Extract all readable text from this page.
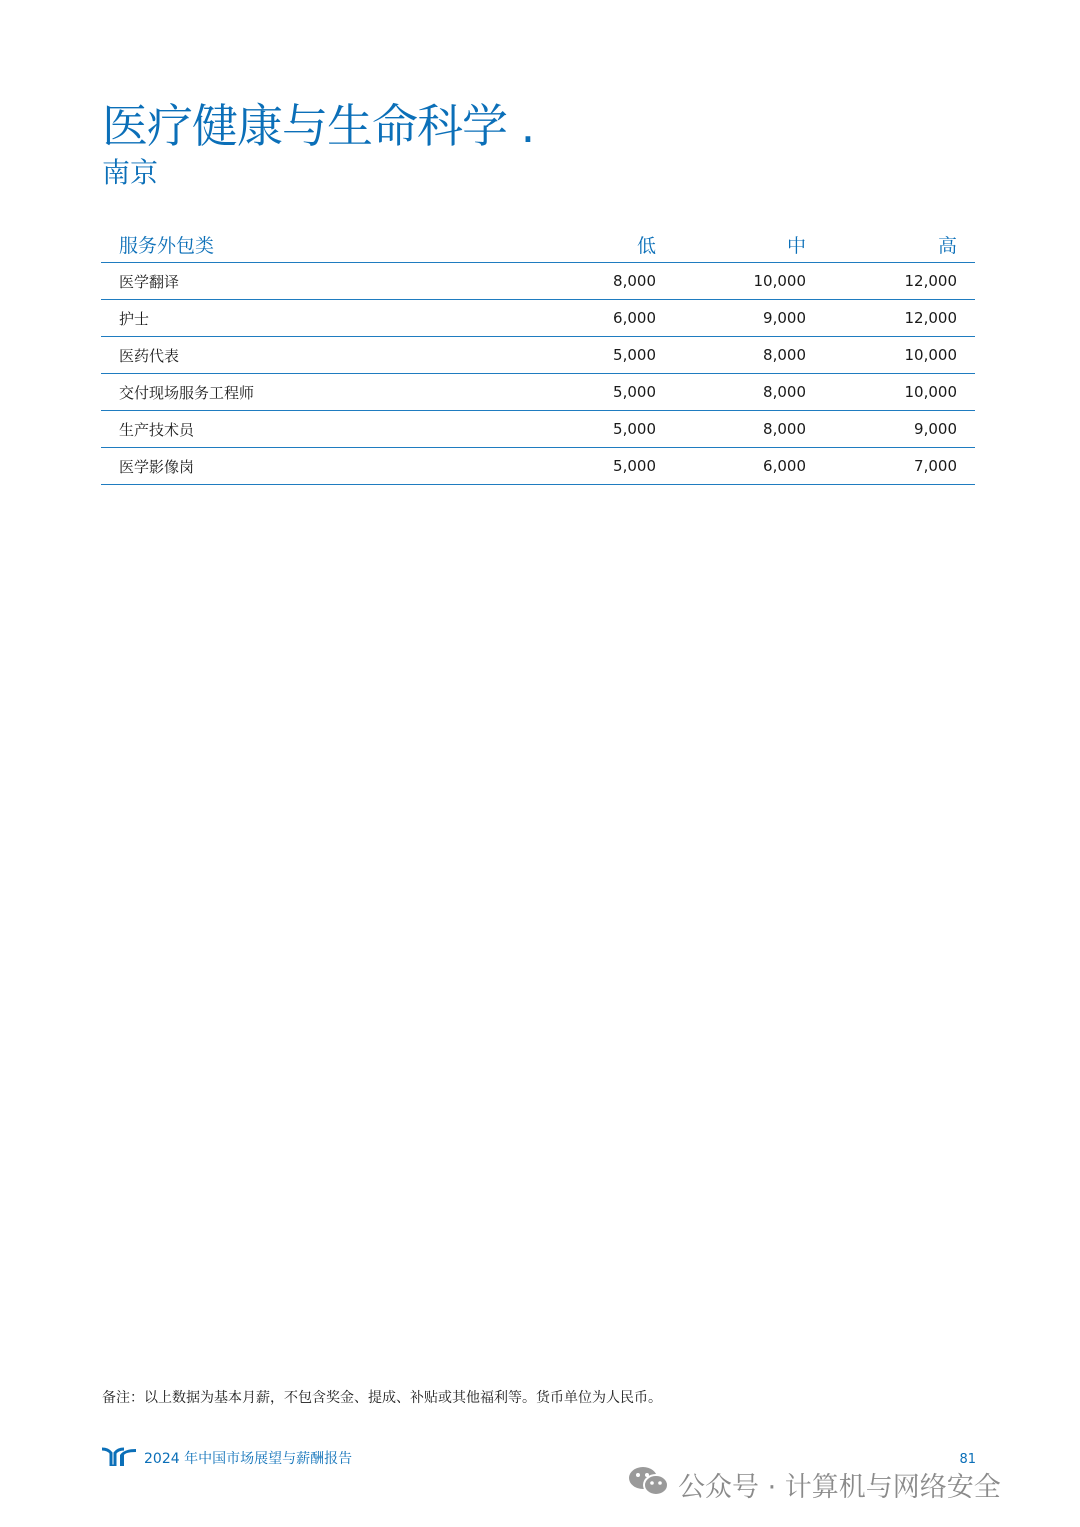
医疗健康与生命科学 .
南京
服务外包类	低	中	高
医学翻译	8,000	10,000	12,000
护士	6,000	9,000	12,000
医药代表	5,000	8,000	10,000
交付现场服务工程师	5,000	8,000	10,000
生产技术员	5,000	8,000	9,000
医学影像岗	5,000	6,000	7,000
备注：以上数据为基本月薪，不包含奖金、提成、补贴或其他福利等。货币单位为人民币。
2024 年中国市场展望与薪酬报告	81
公众号 · 计算机与网络安全
